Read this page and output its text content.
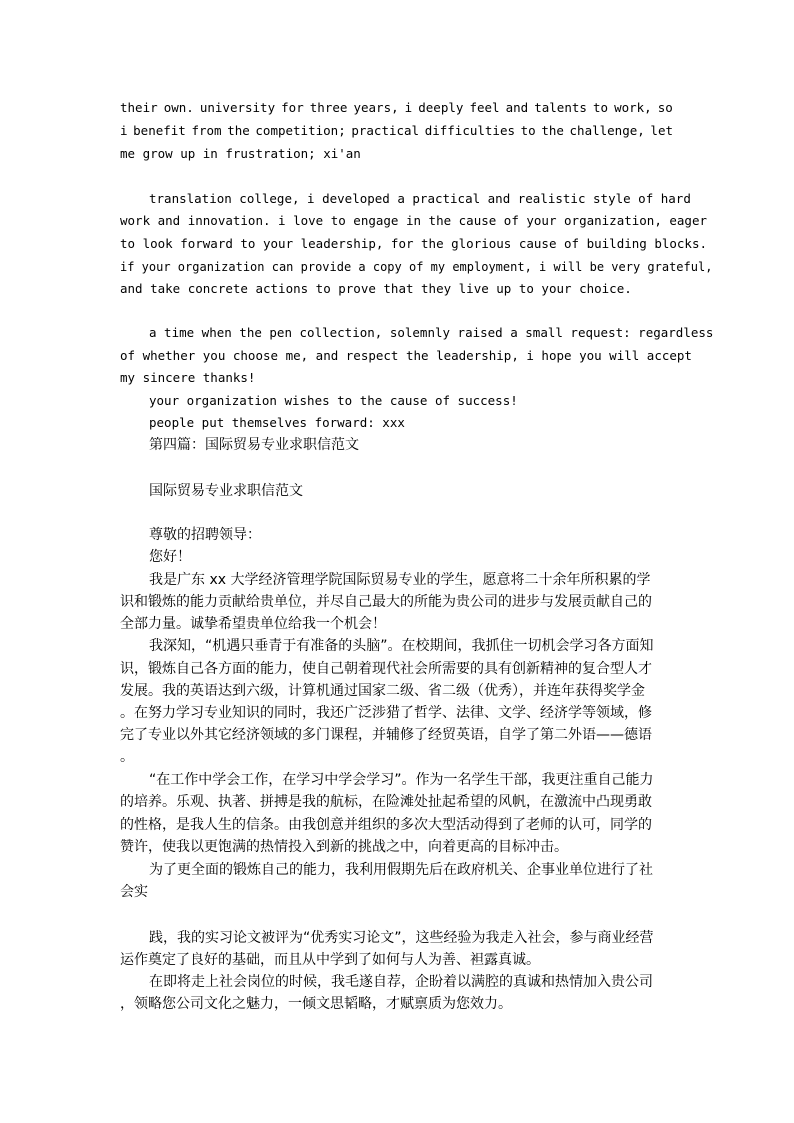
their own. university for three years, i deeply feel and talents to work, so
i benefit from the competition; practical difficulties to the challenge, let
me grow up in frustration; xi'an
translation college, i developed a practical and realistic style of hard
work and innovation. i love to engage in the cause of your organization, eager
to look forward to your leadership, for the glorious cause of building blocks.
if your organization can provide a copy of my employment, i will be very grateful,
and take concrete actions to prove that they live up to your choice.
a time when the pen collection, solemnly raised a small request: regardless
of whether you choose me, and respect the leadership, i hope you will accept
my sincere thanks!
your organization wishes to the cause of success!
people put themselves forward: xxx
第四篇：国际贸易专业求职信范文
国际贸易专业求职信范文
尊敬的招聘领导：
您好！
我是广东 xx 大学经济管理学院国际贸易专业的学生，愿意将二十余年所积累的学
识和锻炼的能力贡献给贵单位，并尽自己最大的所能为贵公司的进步与发展贡献自己的
全部力量。诚挚希望贵单位给我一个机会！
我深知，“机遇只垂青于有准备的头脑”。在校期间，我抓住一切机会学习各方面知
识，锻炼自己各方面的能力，使自己朝着现代社会所需要的具有创新精神的复合型人才
发展。我的英语达到六级，计算机通过国家二级、省二级（优秀），并连年获得奖学金
。在努力学习专业知识的同时，我还广泛涉猎了哲学、法律、文学、经济学等领域，修
完了专业以外其它经济领域的多门课程，并辅修了经贸英语，自学了第二外语——德语
。
“在工作中学会工作，在学习中学会学习”。作为一名学生干部，我更注重自己能力
的培养。乐观、执著、拼搏是我的航标，在险滩处扯起希望的风帆，在激流中凸现勇敢
的性格，是我人生的信条。由我创意并组织的多次大型活动得到了老师的认可，同学的
赞许，使我以更饱满的热情投入到新的挑战之中，向着更高的目标冲击。
为了更全面的锻炼自己的能力，我利用假期先后在政府机关、企事业单位进行了社
会实
践，我的实习论文被评为“优秀实习论文”，这些经验为我走入社会，参与商业经营
运作奠定了良好的基础，而且从中学到了如何与人为善、袒露真诚。
在即将走上社会岗位的时候，我毛遂自荐，企盼着以满腔的真诚和热情加入贵公司
，领略您公司文化之魅力，一倾文思韬略，才赋禀质为您效力。
